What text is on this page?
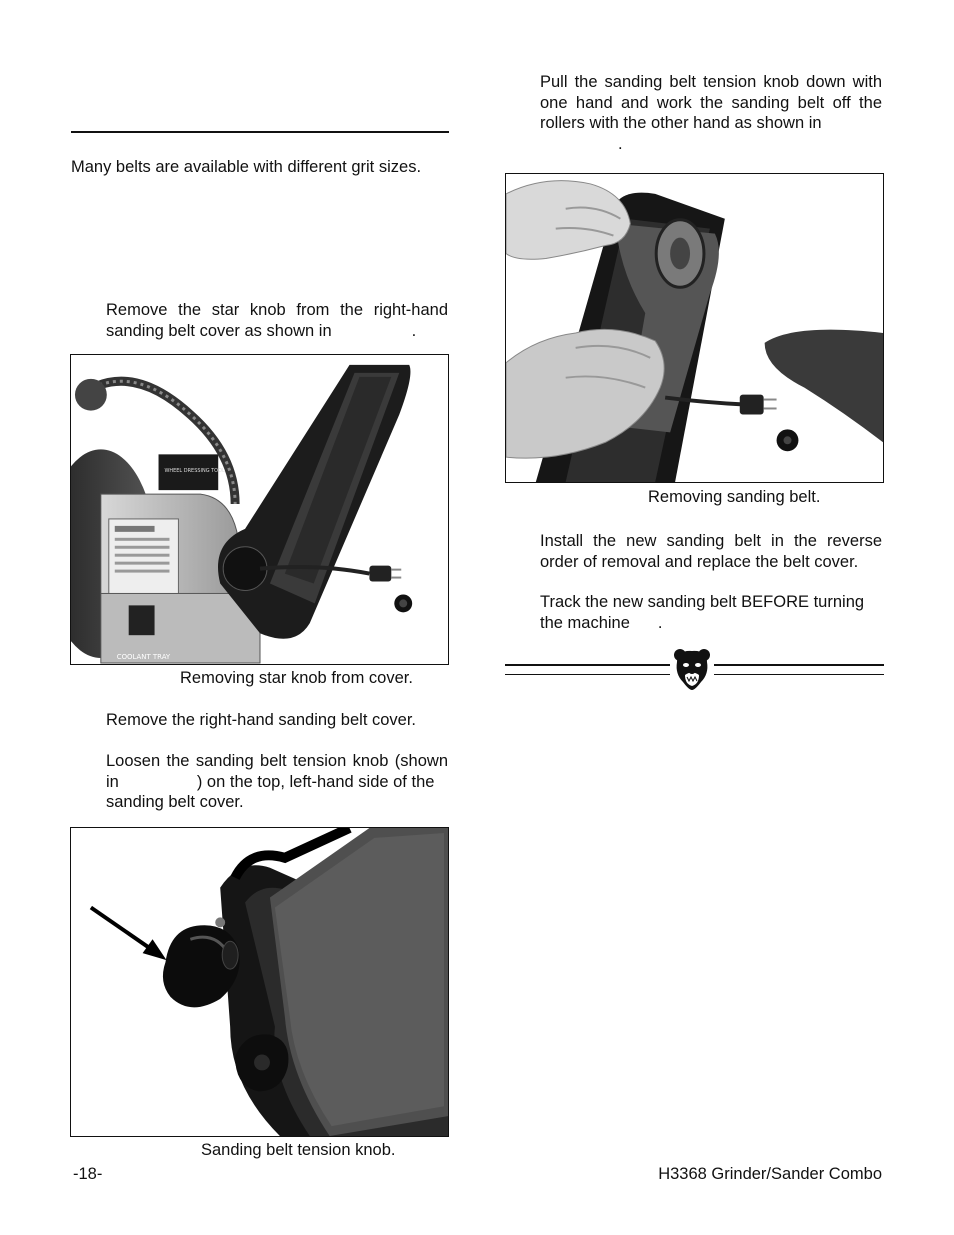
Many belts are available with different grit sizes.
Remove the star knob from the right-hand sanding belt cover as shown in	.
COOLANT TRAY
WHEEL DRESSING TOOL
Removing star knob from cover.
Remove the right-hand sanding belt cover.
Loosen the sanding belt tension knob (shown
in	) on the top, left-hand side of the
sanding belt cover.
Sanding belt tension knob.
Pull the sanding belt tension knob down with one hand and work the sanding belt off the rollers with the other hand as shown in
.
Removing sanding belt.
Install the new sanding belt in the reverse order of removal and replace the belt cover.
Track the new sanding belt BEFORE turning
the machine .
-18-	H3368 Grinder/Sander Combo
